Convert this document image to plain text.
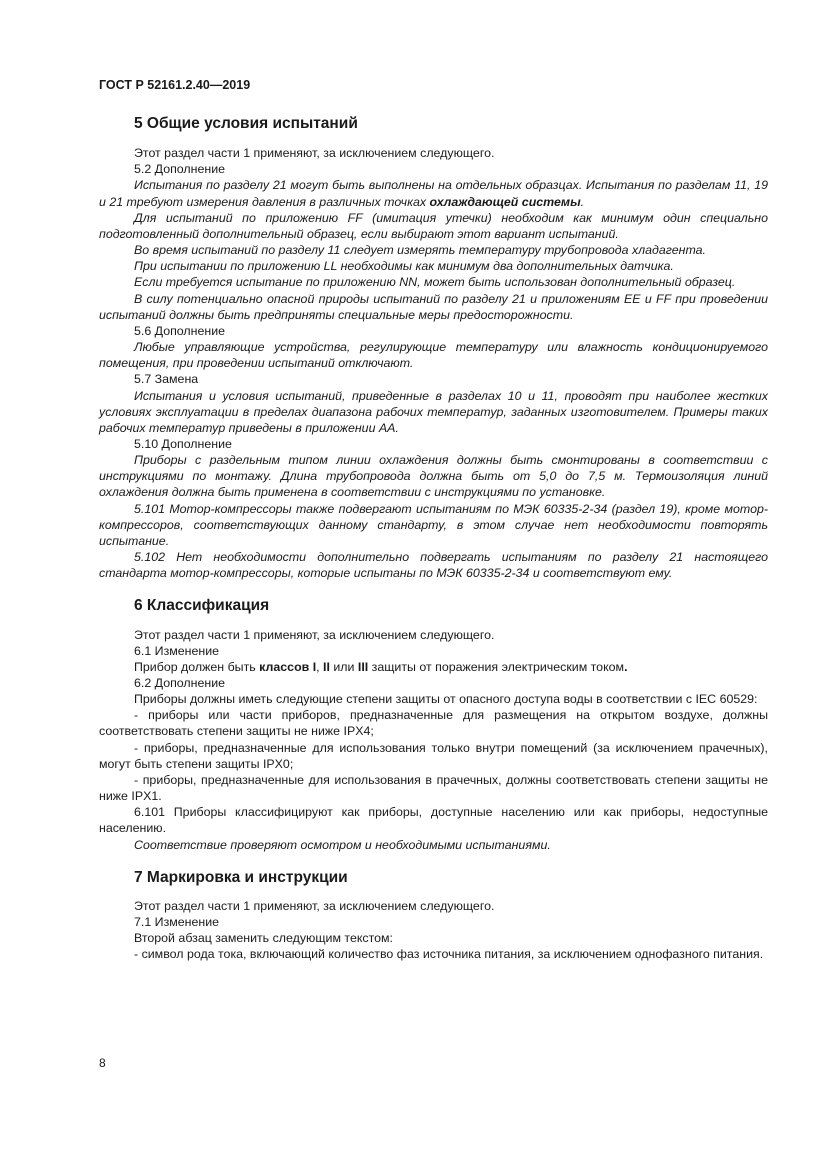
ГОСТ Р 52161.2.40—2019
5 Общие условия испытаний

Этот раздел части 1 применяют, за исключением следующего.

5.2 Дополнение

Испытания по разделу 21 могут быть выполнены на отдельных образцах. Испытания по разделам 11, 19 и 21 требуют измерения давления в различных точках охлаждающей системы.

Для испытаний по приложению FF (имитация утечки) необходим как минимум один специально подготовленный дополнительный образец, если выбирают этот вариант испытаний.

Во время испытаний по разделу 11 следует измерять температуру трубопровода хладагента.

При испытании по приложению LL необходимы как минимум два дополнительных датчика.

Если требуется испытание по приложению NN, может быть использован дополнительный образец.

В силу потенциально опасной природы испытаний по разделу 21 и приложениям ЕЕ и FF при проведении испытаний должны быть предприняты специальные меры предосторожности.

5.6 Дополнение

Любые управляющие устройства, регулирующие температуру или влажность кондиционируемого помещения, при проведении испытаний отключают.

5.7 Замена

Испытания и условия испытаний, приведенные в разделах 10 и 11, проводят при наиболее жестких условиях эксплуатации в пределах диапазона рабочих температур, заданных изготовителем. Примеры таких рабочих температур приведены в приложении АА.

5.10 Дополнение

Приборы с раздельным типом линии охлаждения должны быть смонтированы в соответствии с инструкциями по монтажу. Длина трубопровода должна быть от 5,0 до 7,5 м. Термоизоляция линий охлаждения должна быть применена в соответствии с инструкциями по установке.

5.101 Мотор-компрессоры также подвергают испытаниям по МЭК 60335-2-34 (раздел 19), кроме мотор-компрессоров, соответствующих данному стандарту, в этом случае нет необходимости повторять испытание.

5.102 Нет необходимости дополнительно подвергать испытаниям по разделу 21 настоящего стандарта мотор-компрессоры, которые испытаны по МЭК 60335-2-34 и соответствуют ему.

6 Классификация

Этот раздел части 1 применяют, за исключением следующего.

6.1 Изменение

Прибор должен быть классов I, II или III защиты от поражения электрическим током.

6.2 Дополнение

Приборы должны иметь следующие степени защиты от опасного доступа воды в соответствии с IEC 60529:

- приборы или части приборов, предназначенные для размещения на открытом воздухе, должны соответствовать степени защиты не ниже IPX4;

- приборы, предназначенные для использования только внутри помещений (за исключением прачечных), могут быть степени защиты IPX0;

- приборы, предназначенные для использования в прачечных, должны соответствовать степени защиты не ниже IPX1.

6.101 Приборы классифицируют как приборы, доступные населению или как приборы, недоступные населению.

Соответствие проверяют осмотром и необходимыми испытаниями.

7 Маркировка и инструкции

Этот раздел части 1 применяют, за исключением следующего.

7.1 Изменение

Второй абзац заменить следующим текстом:

- символ рода тока, включающий количество фаз источника питания, за исключением однофазного питания.

8
